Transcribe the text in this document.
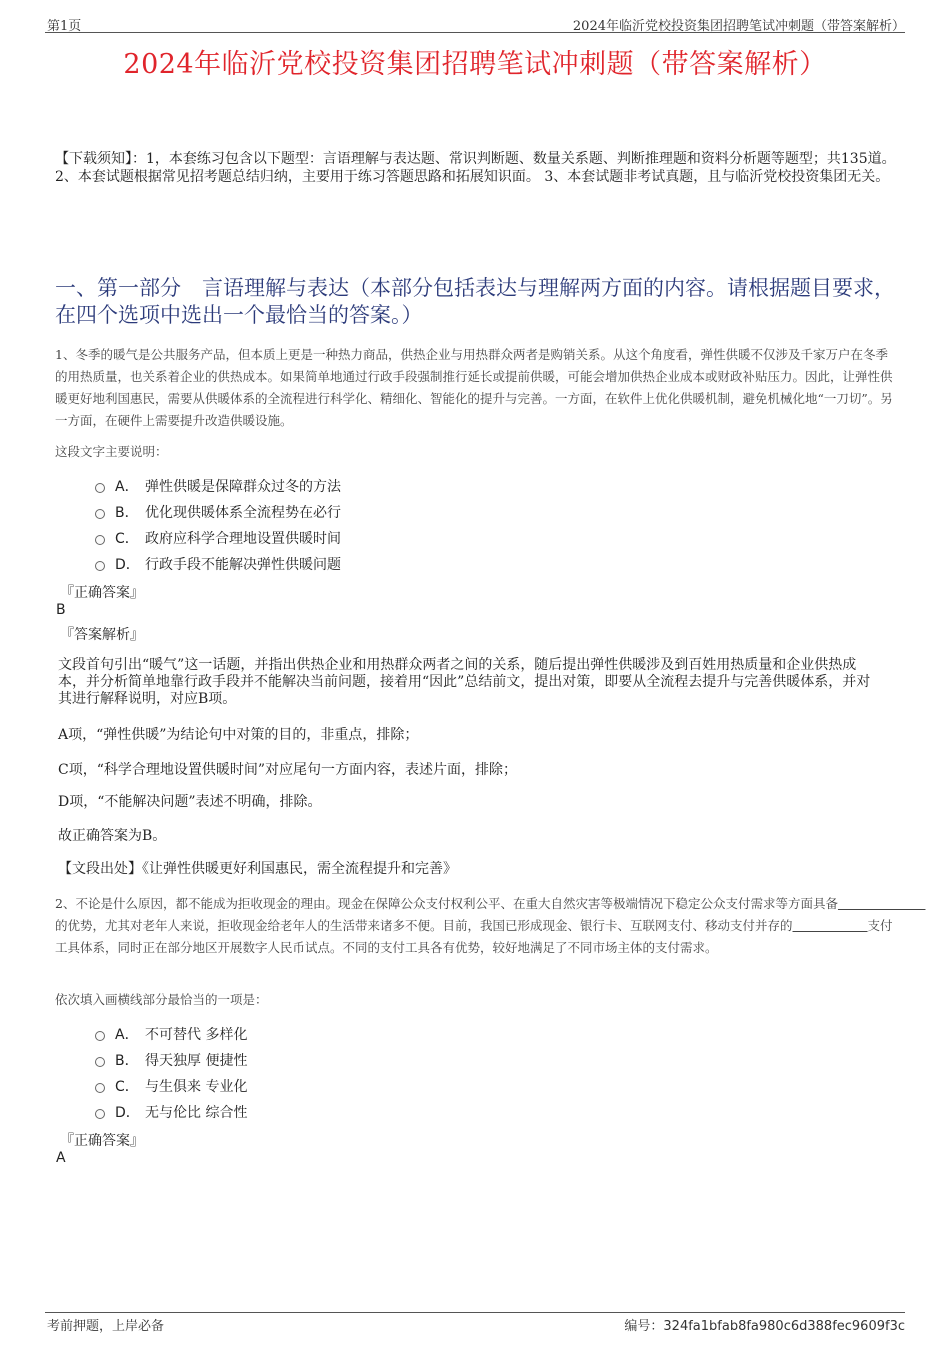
第1页	2024年临沂党校投资集团招聘笔试冲刺题（带答案解析）
2024年临沂党校投资集团招聘笔试冲刺题（带答案解析）
【下载须知】：1，本套练习包含以下题型：言语理解与表达题、常识判断题、数量关系题、判断推理题和资料分析题等题型；共135道。 2、本套试题根据常见招考题总结归纳，主要用于练习答题思路和拓展知识面。 3、本套试题非考试真题，且与临沂党校投资集团无关。
一、第一部分　言语理解与表达（本部分包括表达与理解两方面的内容。请根据题目要求，在四个选项中选出一个最恰当的答案。）
1、冬季的暖气是公共服务产品，但本质上更是一种热力商品，供热企业与用热群众两者是购销关系。从这个角度看，弹性供暖不仅涉及千家万户在冬季的用热质量，也关系着企业的供热成本。如果简单地通过行政手段强制推行延长或提前供暖，可能会增加供热企业成本或财政补贴压力。因此，让弹性供暖更好地利国惠民，需要从供暖体系的全流程进行科学化、精细化、智能化的提升与完善。一方面，在软件上优化供暖机制，避免机械化地“一刀切”。另一方面，在硬件上需要提升改造供暖设施。
这段文字主要说明：
A． 弹性供暖是保障群众过冬的方法
B． 优化现供暖体系全流程势在必行
C． 政府应科学合理地设置供暖时间
D． 行政手段不能解决弹性供暖问题
『正确答案』
B
『答案解析』
文段首句引出“暖气”这一话题，并指出供热企业和用热群众两者之间的关系，随后提出弹性供暖涉及到百姓用热质量和企业供热成本，并分析简单地靠行政手段并不能解决当前问题，接着用“因此”总结前文，提出对策，即要从全流程去提升与完善供暖体系，并对其进行解释说明，对应B项。
A项，“弹性供暖”为结论句中对策的目的，非重点，排除；
C项，“科学合理地设置供暖时间”对应尾句一方面内容，表述片面，排除；
D项，“不能解决问题”表述不明确，排除。
故正确答案为B。
【文段出处】《让弹性供暖更好利国惠民，需全流程提升和完善》
2、不论是什么原因，都不能成为拒收现金的理由。现金在保障公众支付权利公平、在重大自然灾害等极端情况下稳定公众支付需求等方面具备　　　　　　　的优势，尤其对老年人来说，拒收现金给老年人的生活带来诸多不便。目前，我国已形成现金、银行卡、互联网支付、移动支付并存的　　　　　　	支付工具体系，同时正在部分地区开展数字人民币试点。不同的支付工具各有优势，较好地满足了不同市场主体的支付需求。
依次填入画横线部分最恰当的一项是：
A． 不可替代 多样化
B． 得天独厚 便捷性
C． 与生俱来 专业化
D． 无与伦比 综合性
『正确答案』
A
考前押题，上岸必备	编号：324fa1bfab8fa980c6d388fec9609f3c
